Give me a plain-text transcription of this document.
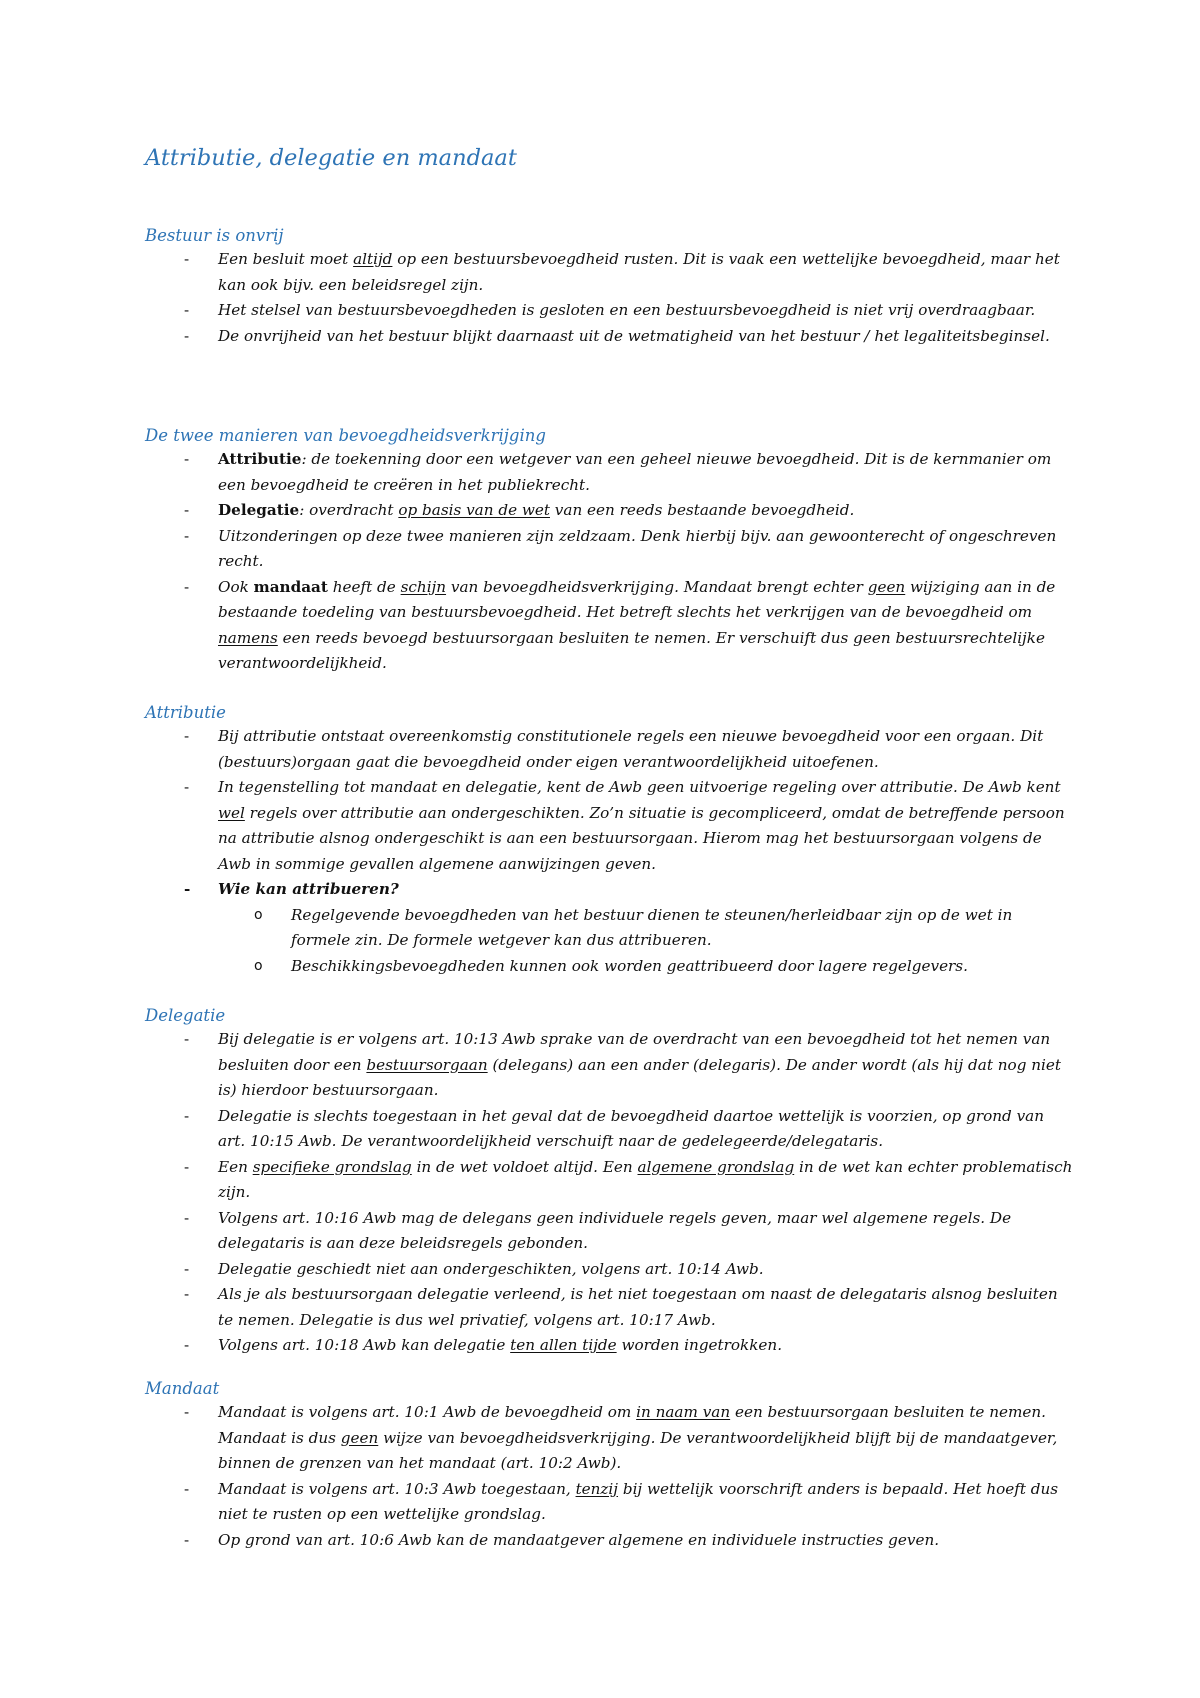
Attributie, delegatie en mandaat
Bestuur is onvrij
- Een besluit moet altijd op een bestuursbevoegdheid rusten. Dit is vaak een wettelijke bevoegdheid, maar het kan ook bijv. een beleidsregel zijn.
- Het stelsel van bestuursbevoegdheden is gesloten en een bestuursbevoegdheid is niet vrij overdraagbaar.
- De onvrijheid van het bestuur blijkt daarnaast uit de wetmatigheid van het bestuur / het legaliteitsbeginsel.
De twee manieren van bevoegdheidsverkrijging
- Attributie: de toekenning door een wetgever van een geheel nieuwe bevoegdheid. Dit is de kernmanier om een bevoegdheid te creëren in het publiekrecht.
- Delegatie: overdracht op basis van de wet van een reeds bestaande bevoegdheid.
- Uitzonderingen op deze twee manieren zijn zeldzaam. Denk hierbij bijv. aan gewoonterecht of ongeschreven recht.
- Ook mandaat heeft de schijn van bevoegdheidsverkrijging. Mandaat brengt echter geen wijziging aan in de bestaande toedeling van bestuursbevoegdheid. Het betreft slechts het verkrijgen van de bevoegdheid om namens een reeds bevoegd bestuursorgaan besluiten te nemen. Er verschuift dus geen bestuursrechtelijke verantwoordelijkheid.
Attributie
- Bij attributie ontstaat overeenkomstig constitutionele regels een nieuwe bevoegdheid voor een orgaan. Dit (bestuurs)orgaan gaat die bevoegdheid onder eigen verantwoordelijkheid uitoefenen.
- In tegenstelling tot mandaat en delegatie, kent de Awb geen uitvoerige regeling over attributie. De Awb kent wel regels over attributie aan ondergeschikten. Zo’n situatie is gecompliceerd, omdat de betreffende persoon na attributie alsnog ondergeschikt is aan een bestuursorgaan. Hierom mag het bestuursorgaan volgens de Awb in sommige gevallen algemene aanwijzingen geven.
- Wie kan attribueren?
o Regelgevende bevoegdheden van het bestuur dienen te steunen/herleidbaar zijn op de wet in formele zin. De formele wetgever kan dus attribueren.
o Beschikkingsbevoegdheden kunnen ook worden geattribueerd door lagere regelgevers.
Delegatie
- Bij delegatie is er volgens art. 10:13 Awb sprake van de overdracht van een bevoegdheid tot het nemen van besluiten door een bestuursorgaan (delegans) aan een ander (delegaris). De ander wordt (als hij dat nog niet is) hierdoor bestuursorgaan.
- Delegatie is slechts toegestaan in het geval dat de bevoegdheid daartoe wettelijk is voorzien, op grond van art. 10:15 Awb. De verantwoordelijkheid verschuift naar de gedelegeerde/delegataris.
- Een specifieke grondslag in de wet voldoet altijd. Een algemene grondslag in de wet kan echter problematisch zijn.
- Volgens art. 10:16 Awb mag de delegans geen individuele regels geven, maar wel algemene regels. De delegataris is aan deze beleidsregels gebonden.
- Delegatie geschiedt niet aan ondergeschikten, volgens art. 10:14 Awb.
- Als je als bestuursorgaan delegatie verleend, is het niet toegestaan om naast de delegataris alsnog besluiten te nemen. Delegatie is dus wel privatief, volgens art. 10:17 Awb.
- Volgens art. 10:18 Awb kan delegatie ten allen tijde worden ingetrokken.
Mandaat
- Mandaat is volgens art. 10:1 Awb de bevoegdheid om in naam van een bestuursorgaan besluiten te nemen. Mandaat is dus geen wijze van bevoegdheidsverkrijging. De verantwoordelijkheid blijft bij de mandaatgever, binnen de grenzen van het mandaat (art. 10:2 Awb).
- Mandaat is volgens art. 10:3 Awb toegestaan, tenzij bij wettelijk voorschrift anders is bepaald. Het hoeft dus niet te rusten op een wettelijke grondslag.
- Op grond van art. 10:6 Awb kan de mandaatgever algemene en individuele instructies geven.
